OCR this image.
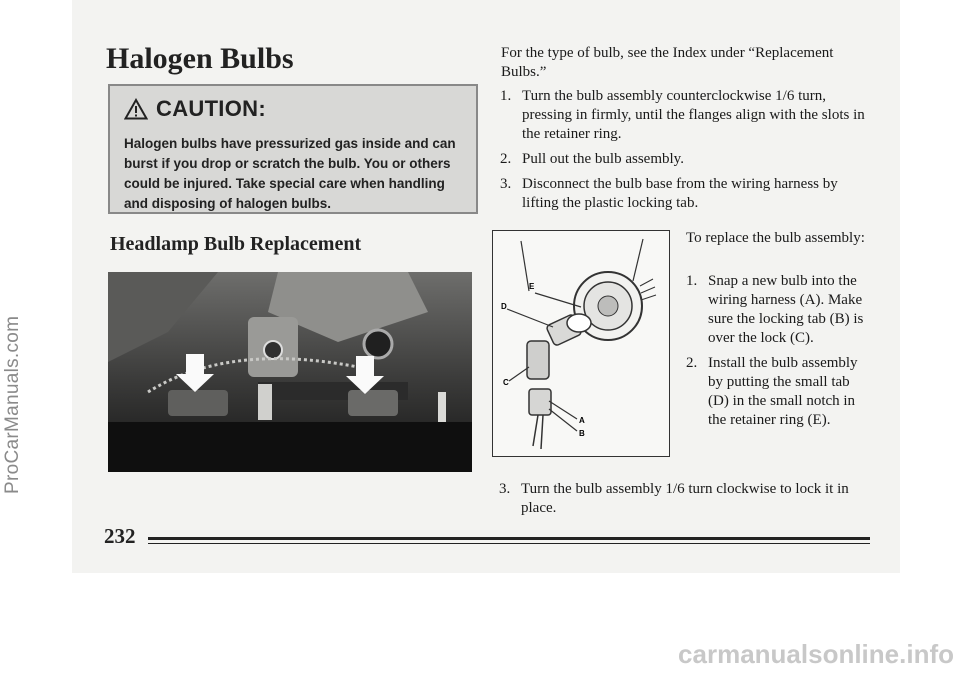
ProCarManuals.com
Halogen Bulbs
CAUTION:
Halogen bulbs have pressurized gas inside and can burst if you drop or scratch the bulb. You or others could be injured. Take special care when handling and disposing of halogen bulbs.
Headlamp Bulb Replacement

For the type of bulb, see the Index under “Replacement Bulbs.”

1. Turn the bulb assembly counterclockwise 1/6 turn, pressing in firmly, until the flanges align with the slots in the retainer ring.
2. Pull out the bulb assembly.
3. Disconnect the bulb base from the wiring harness by lifting the plastic locking tab.
E
D
C
A
B

To replace the bulb assembly:

1. Snap a new bulb into the wiring harness (A). Make sure the locking tab (B) is over the lock (C).
2. Install the bulb assembly by putting the small tab (D) in the small notch in the retainer ring (E).
3. Turn the bulb assembly 1/6 turn clockwise to lock it in place.
232
carmanualsonline.info
